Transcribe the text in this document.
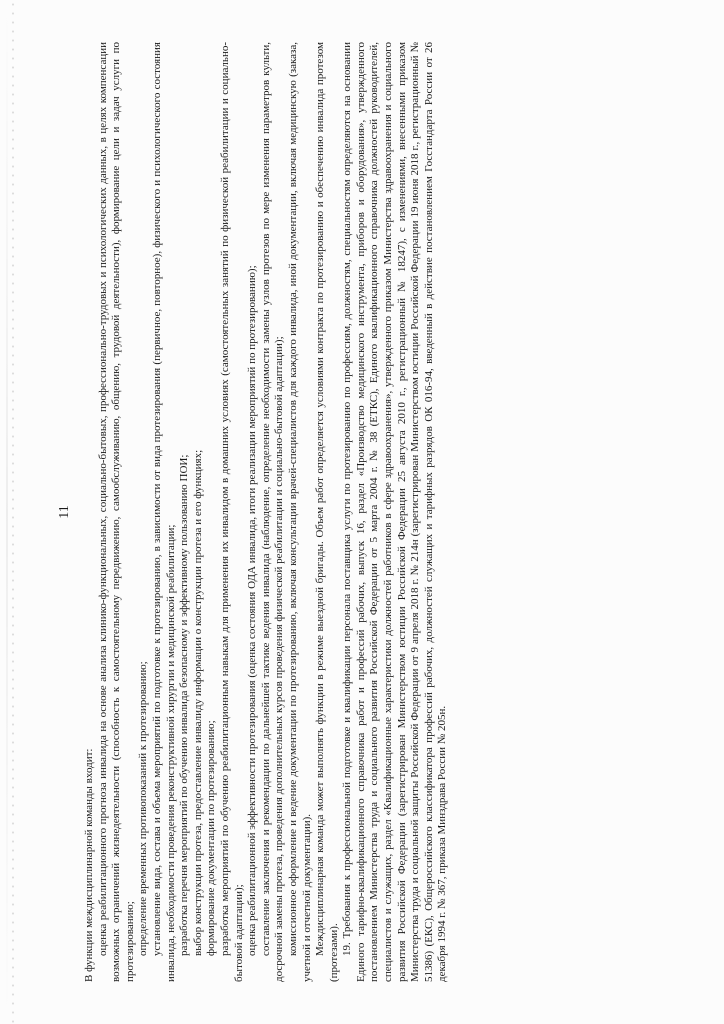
11

В функции междисциплинарной команды входит: оценка реабилитационного прогноза инвалида на основе анализа клинико-функциональных, социально-бытовых, профессионально-трудовых и психологических данных, в целях компенсации возможных ограничений жизнедеятельности (способность к самостоятельному передвижению, самообслуживанию, общению, трудовой деятельности), формирование цели и задач услуги по протезированию; определение временных противопоказаний к протезированию; установление вида, состава и объема мероприятий по подготовке к протезированию, в зависимости от вида протезирования (первичное, повторное), физического и психологического состояния инвалида, необходимости проведения реконструктивной хирургии и медицинской реабилитации; разработка перечня мероприятий по обучению инвалида безопасному и эффективному пользованию ПОИ; выбор конструкции протеза, предоставление инвалиду информации о конструкции протеза и его функциях; формирование документации по протезированию; разработка мероприятий по обучению реабилитационным навыкам для применения их инвалидом в домашних условиях (самостоятельных занятий по физической реабилитации и социально-бытовой адаптации); оценка реабилитационной эффективности протезирования (оценка состояния ОДА инвалида, итоги реализации мероприятий по протезированию); составление заключения и рекомендации по дальнейшей тактике ведения инвалида (наблюдение, определение необходимости замены узлов протезов по мере изменения параметров культи, досрочной замены протеза, проведения дополнительных курсов проведения физической реабилитации и социально-бытовой адаптации); комиссионное оформление и ведение документации по протезированию, включая консультации врачей-специалистов для каждого инвалида, иной документации, включая медицинскую (заказа, учетной и отчетной документации). Междисциплинарная команда может выполнять функции в режиме выездной бригады. Объем работ определяется условиями контракта по протезированию и обеспечению инвалида протезом (протезами). 19. Требования к профессиональной подготовке и квалификации персонала поставщика услуги по протезированию по профессиям, должностям, специальностям определяются на основании Единого тарифно-квалификационного справочника работ и профессий рабочих, выпуск 16, раздел «Производство медицинского инструмента, приборов и оборудования», утвержденного постановлением Министерства труда и социального развития Российской Федерации от 5 марта 2004 г. № 38 (ЕТКС), Единого квалификационного справочника должностей руководителей, специалистов и служащих, раздел «Квалификационные характеристики должностей работников в сфере здравоохранения», утвержденного приказом Министерства здравоохранения и социального развития Российской Федерации (зарегистрирован Министерством юстиции Российской Федерации 25 августа 2010 г., регистрационный № 18247), с изменениями, внесенными приказом Министерства труда и социальной защиты Российской Федерации от 9 апреля 2018 г. № 214н (зарегистрирован Министерством юстиции Российской Федерации 19 июня 2018 г., регистрационный № 51386) (ЕКС), Общероссийского классификатора профессий рабочих, должностей служащих и тарифных разрядов ОК 016-94, введенный в действие постановлением Госстандарта России от 26 декабря 1994 г. № 367, приказа Минздрава России № 205н.
